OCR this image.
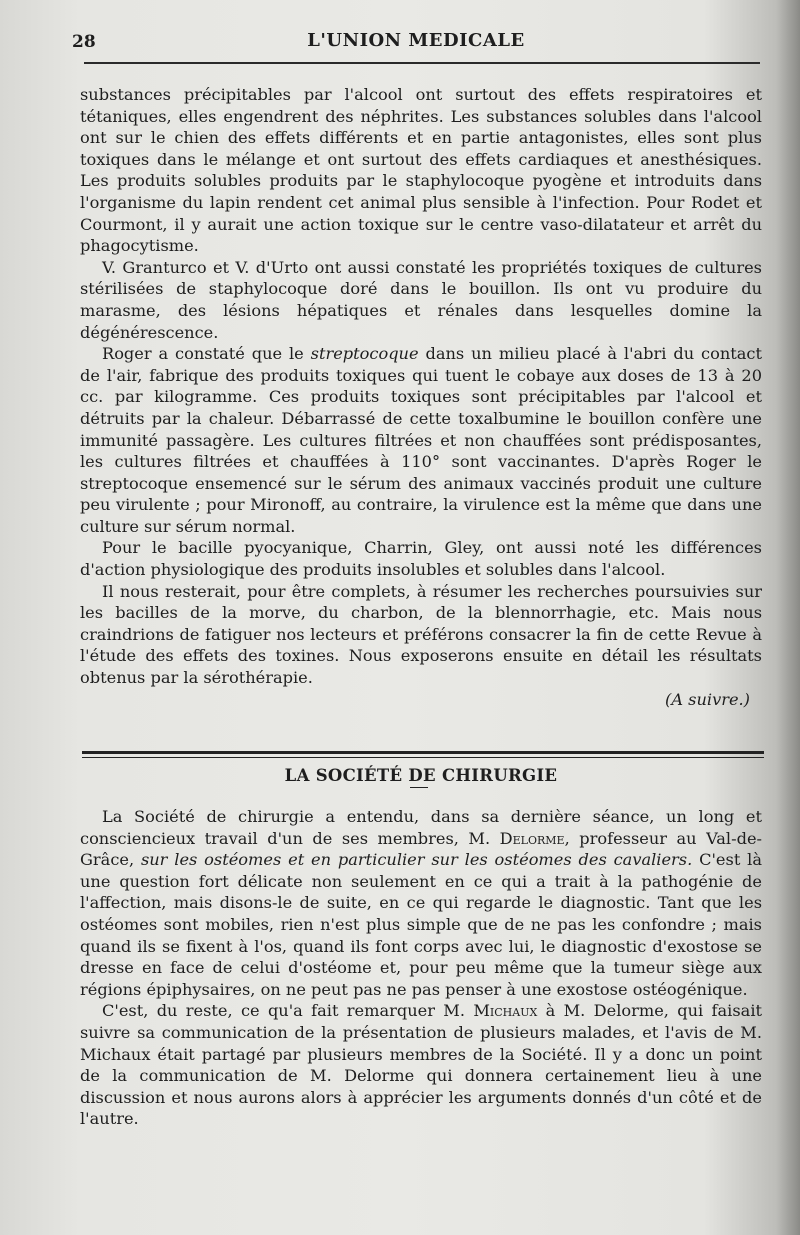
28	L'UNION MEDICALE

substances précipitables par l'alcool ont surtout des effets respiratoires et tétaniques, elles engendrent des néphrites. Les substances solubles dans l'alcool ont sur le chien des effets différents et en partie antagonistes, elles sont plus toxiques dans le mélange et ont surtout des effets cardiaques et anesthésiques. Les produits solubles produits par le staphylocoque pyogène et introduits dans l'organisme du lapin rendent cet animal plus sensible à l'infection. Pour Rodet et Courmont, il y aurait une action toxique sur le centre vaso-dilatateur et arrêt du phagocytisme.

V. Granturco et V. d'Urto ont aussi constaté les propriétés toxiques de cultures stérilisées de staphylocoque doré dans le bouillon. Ils ont vu produire du marasme, des lésions hépatiques et rénales dans lesquelles domine la dégénérescence.

Roger a constaté que le streptocoque dans un milieu placé à l'abri du contact de l'air, fabrique des produits toxiques qui tuent le cobaye aux doses de 13 à 20 cc. par kilogramme. Ces produits toxiques sont précipitables par l'alcool et détruits par la chaleur. Débarrassé de cette toxalbumine le bouillon confère une immunité passagère. Les cultures filtrées et non chauffées sont prédisposantes, les cultures filtrées et chauffées à 110° sont vaccinantes. D'après Roger le streptocoque ensemencé sur le sérum des animaux vaccinés produit une culture peu virulente ; pour Mironoff, au contraire, la virulence est la même que dans une culture sur sérum normal.

Pour le bacille pyocyanique, Charrin, Gley, ont aussi noté les différences d'action physiologique des produits insolubles et solubles dans l'alcool.

Il nous resterait, pour être complets, à résumer les recherches poursuivies sur les bacilles de la morve, du charbon, de la blennorrhagie, etc. Mais nous craindrions de fatiguer nos lecteurs et préférons consacrer la fin de cette Revue à l'étude des effets des toxines. Nous exposerons ensuite en détail les résultats obtenus par la sérothérapie.

(A suivre.)

LA SOCIÉTÉ DE CHIRURGIE

La Société de chirurgie a entendu, dans sa dernière séance, un long et consciencieux travail d'un de ses membres, M. Delorme, professeur au Val-de-Grâce, sur les ostéomes et en particulier sur les ostéomes des cavaliers. C'est là une question fort délicate non seulement en ce qui a trait à la pathogénie de l'affection, mais disons-le de suite, en ce qui regarde le diagnostic. Tant que les ostéomes sont mobiles, rien n'est plus simple que de ne pas les confondre ; mais quand ils se fixent à l'os, quand ils font corps avec lui, le diagnostic d'exostose se dresse en face de celui d'ostéome et, pour peu même que la tumeur siège aux régions épiphysaires, on ne peut pas ne pas penser à une exostose ostéogénique.

C'est, du reste, ce qu'a fait remarquer M. Michaux à M. Delorme, qui faisait suivre sa communication de la présentation de plusieurs malades, et l'avis de M. Michaux était partagé par plusieurs membres de la Société. Il y a donc un point de la communication de M. Delorme qui donnera certainement lieu à une discussion et nous aurons alors à apprécier les arguments donnés d'un côté et de l'autre.
